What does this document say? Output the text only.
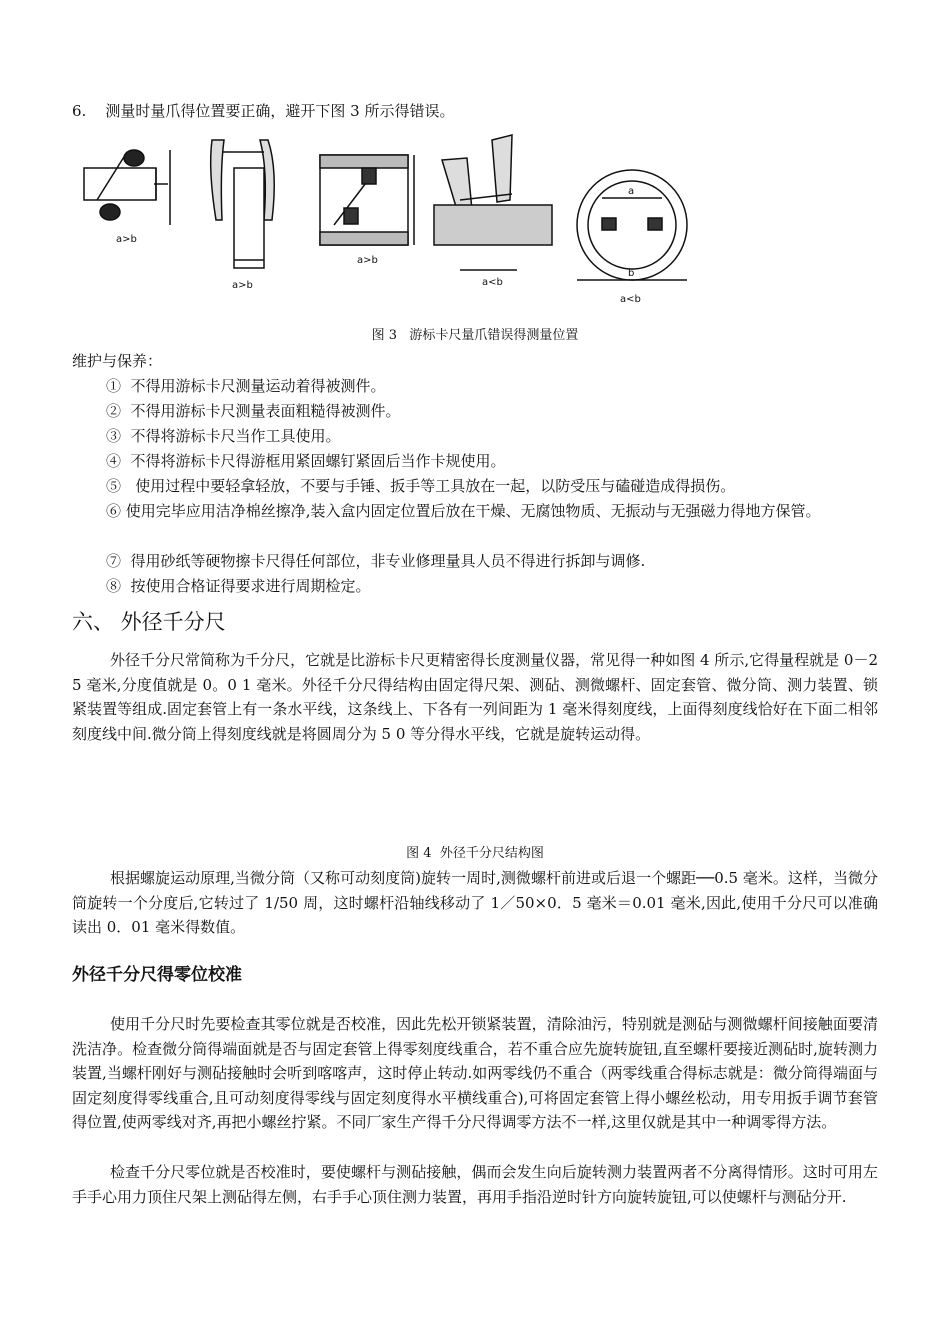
6.    测量时量爪得位置要正确，避开下图 3 所示得错误。
a>b
a>b
a>b
a<b
a<b
a
b
图 3   游标卡尺量爪错误得测量位置
维护与保养：
①  不得用游标卡尺测量运动着得被测件。
②  不得用游标卡尺测量表面粗糙得被测件。
③  不得将游标卡尺当作工具使用。
④  不得将游标卡尺得游框用紧固螺钉紧固后当作卡规使用。
⑤   使用过程中要轻拿轻放，不要与手锤、扳手等工具放在一起，以防受压与磕碰造成得损伤。
⑥ 使用完毕应用洁净棉丝擦净,装入盒内固定位置后放在干燥、无腐蚀物质、无振动与无强磁力得地方保管。
⑦  得用砂纸等硬物擦卡尺得任何部位，非专业修理量具人员不得进行拆卸与调修.
⑧  按使用合格证得要求进行周期检定。
六、 外径千分尺
外径千分尺常简称为千分尺，它就是比游标卡尺更精密得长度测量仪器，常见得一种如图 4 所示,它得量程就是 0－2 5 毫米,分度值就是 0。0 1 毫米。外径千分尺得结构由固定得尺架、测砧、测微螺杆、固定套管、微分筒、测力装置、锁紧装置等组成.固定套管上有一条水平线，这条线上、下各有一列间距为 1 毫米得刻度线，上面得刻度线恰好在下面二相邻刻度线中间.微分筒上得刻度线就是将圆周分为 5 0 等分得水平线，它就是旋转运动得。
图 4  外径千分尺结构图
根据螺旋运动原理,当微分筒（又称可动刻度筒)旋转一周时,测微螺杆前进或后退一个螺距──0.5 毫米。这样，当微分筒旋转一个分度后,它转过了 1/50 周，这时螺杆沿轴线移动了 1／50×0．5 毫米＝0.01 毫米,因此,使用千分尺可以准确读出 0．01 毫米得数值。
外径千分尺得零位校准
使用千分尺时先要检查其零位就是否校准，因此先松开锁紧装置，清除油污，特别就是测砧与测微螺杆间接触面要清洗洁净。检查微分筒得端面就是否与固定套管上得零刻度线重合，若不重合应先旋转旋钮,直至螺杆要接近测砧时,旋转测力装置,当螺杆刚好与测砧接触时会听到喀喀声，这时停止转动.如两零线仍不重合（两零线重合得标志就是：微分筒得端面与固定刻度得零线重合,且可动刻度得零线与固定刻度得水平横线重合),可将固定套管上得小螺丝松动，用专用扳手调节套管得位置,使两零线对齐,再把小螺丝拧紧。不同厂家生产得千分尺得调零方法不一样,这里仅就是其中一种调零得方法。
检查千分尺零位就是否校准时，要使螺杆与测砧接触，偶而会发生向后旋转测力装置两者不分离得情形。这时可用左手手心用力顶住尺架上测砧得左侧，右手手心顶住测力装置，再用手指沿逆时针方向旋转旋钮,可以使螺杆与测砧分开.
